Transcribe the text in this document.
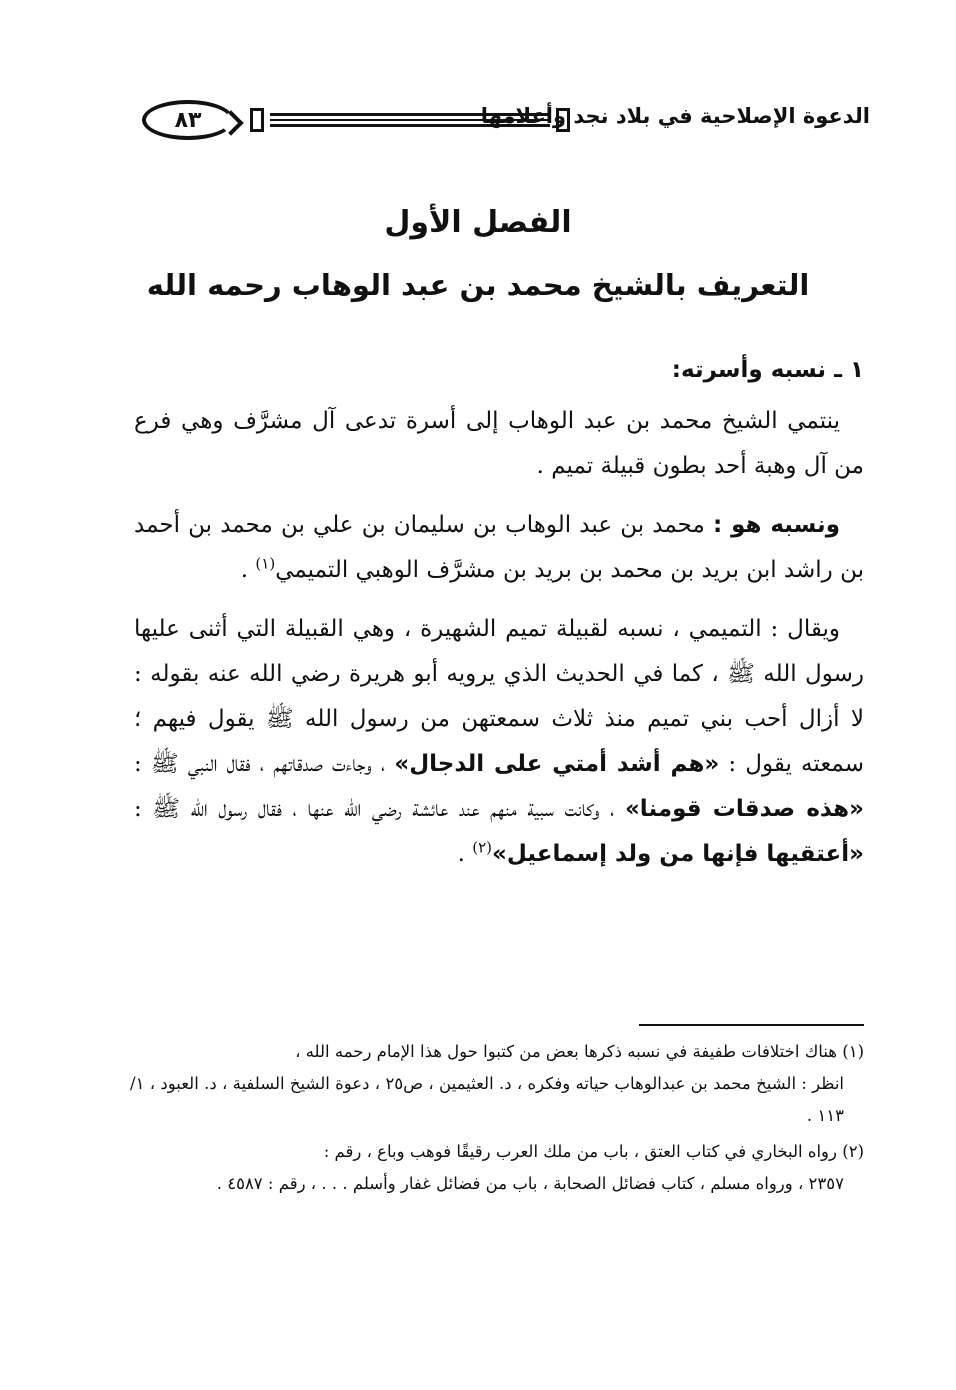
٨٣	الدعوة الإصلاحية في بلاد نجد وأعلامها
الفصل الأول
التعريف بالشيخ محمد بن عبد الوهاب رحمه الله

١ ـ نسبه وأسرته:

ينتمي الشيخ محمد بن عبد الوهاب إلى أسرة تدعى آل مشرَّف وهي فرع من آل وهبة أحد بطون قبيلة تميم .

ونسبه هو : محمد بن عبد الوهاب بن سليمان بن علي بن محمد بن أحمد بن راشد ابن بريد بن محمد بن بريد بن مشرَّف الوهبي التميمي$^{(١)}$ .

ويقال : التميمي ، نسبه لقبيلة تميم الشهيرة ، وهي القبيلة التي أثنى عليها رسول الله ﷺ ، كما في الحديث الذي يرويه أبو هريرة رضي الله عنه بقوله : لا أزال أحب بني تميم منذ ثلاث سمعتهن من رسول الله ﷺ يقول فيهم ؛ سمعته يقول : «هم أشد أمتي على الدجال» ، وجاءت صدقاتهم ، فقال النبي ﷺ : «هذه صدقات قومنا» ، وكانت سبية منهم عند عائشة رضي الله عنها ، فقال رسول الله ﷺ : «أعتقيها فإنها من ولد إسماعيل»$^{(٢)}$ .

(١) هناك اختلافات طفيفة في نسبه ذكرها بعض من كتبوا حول هذا الإمام رحمه الله ،
انظر : الشيخ محمد بن عبدالوهاب حياته وفكره ، د. العثيمين ، ص٢٥ ، دعوة الشيخ السلفية ، د. العبود ، ١/ ١١٣ .
(٢) رواه البخاري في كتاب العتق ، باب من ملك العرب رقيقًا فوهب وباع ، رقم :
٢٣٥٧ ، ورواه مسلم ، كتاب فضائل الصحابة ، باب من فضائل غفار وأسلم . . . ، رقم : ٤٥٨٧ .
